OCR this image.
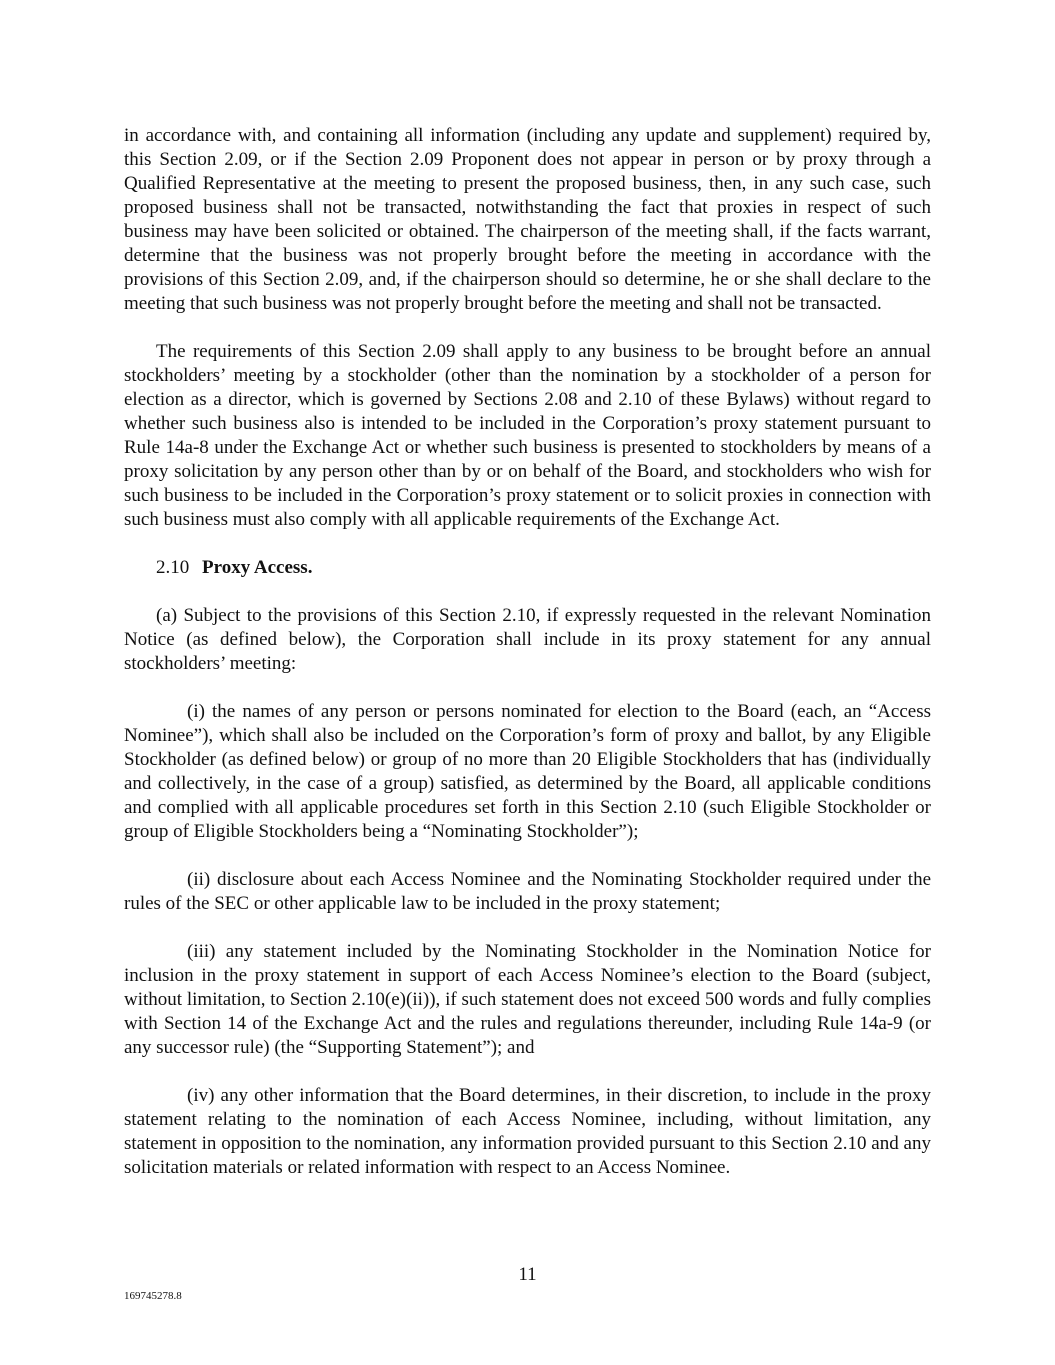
in accordance with, and containing all information (including any update and supplement) required by, this Section 2.09, or if the Section 2.09 Proponent does not appear in person or by proxy through a Qualified Representative at the meeting to present the proposed business, then, in any such case, such proposed business shall not be transacted, notwithstanding the fact that proxies in respect of such business may have been solicited or obtained. The chairperson of the meeting shall, if the facts warrant, determine that the business was not properly brought before the meeting in accordance with the provisions of this Section 2.09, and, if the chairperson should so determine, he or she shall declare to the meeting that such business was not properly brought before the meeting and shall not be transacted.

The requirements of this Section 2.09 shall apply to any business to be brought before an annual stockholders’ meeting by a stockholder (other than the nomination by a stockholder of a person for election as a director, which is governed by Sections 2.08 and 2.10 of these Bylaws) without regard to whether such business also is intended to be included in the Corporation’s proxy statement pursuant to Rule 14a-8 under the Exchange Act or whether such business is presented to stockholders by means of a proxy solicitation by any person other than by or on behalf of the Board, and stockholders who wish for such business to be included in the Corporation’s proxy statement or to solicit proxies in connection with such business must also comply with all applicable requirements of the Exchange Act.

2.10 Proxy Access.

(a) Subject to the provisions of this Section 2.10, if expressly requested in the relevant Nomination Notice (as defined below), the Corporation shall include in its proxy statement for any annual stockholders’ meeting:

(i) the names of any person or persons nominated for election to the Board (each, an “Access Nominee”), which shall also be included on the Corporation’s form of proxy and ballot, by any Eligible Stockholder (as defined below) or group of no more than 20 Eligible Stockholders that has (individually and collectively, in the case of a group) satisfied, as determined by the Board, all applicable conditions and complied with all applicable procedures set forth in this Section 2.10 (such Eligible Stockholder or group of Eligible Stockholders being a “Nominating Stockholder”);

(ii) disclosure about each Access Nominee and the Nominating Stockholder required under the rules of the SEC or other applicable law to be included in the proxy statement;

(iii) any statement included by the Nominating Stockholder in the Nomination Notice for inclusion in the proxy statement in support of each Access Nominee’s election to the Board (subject, without limitation, to Section 2.10(e)(ii)), if such statement does not exceed 500 words and fully complies with Section 14 of the Exchange Act and the rules and regulations thereunder, including Rule 14a-9 (or any successor rule) (the “Supporting Statement”); and

(iv) any other information that the Board determines, in their discretion, to include in the proxy statement relating to the nomination of each Access Nominee, including, without limitation, any statement in opposition to the nomination, any information provided pursuant to this Section 2.10 and any solicitation materials or related information with respect to an Access Nominee.

11
169745278.8
